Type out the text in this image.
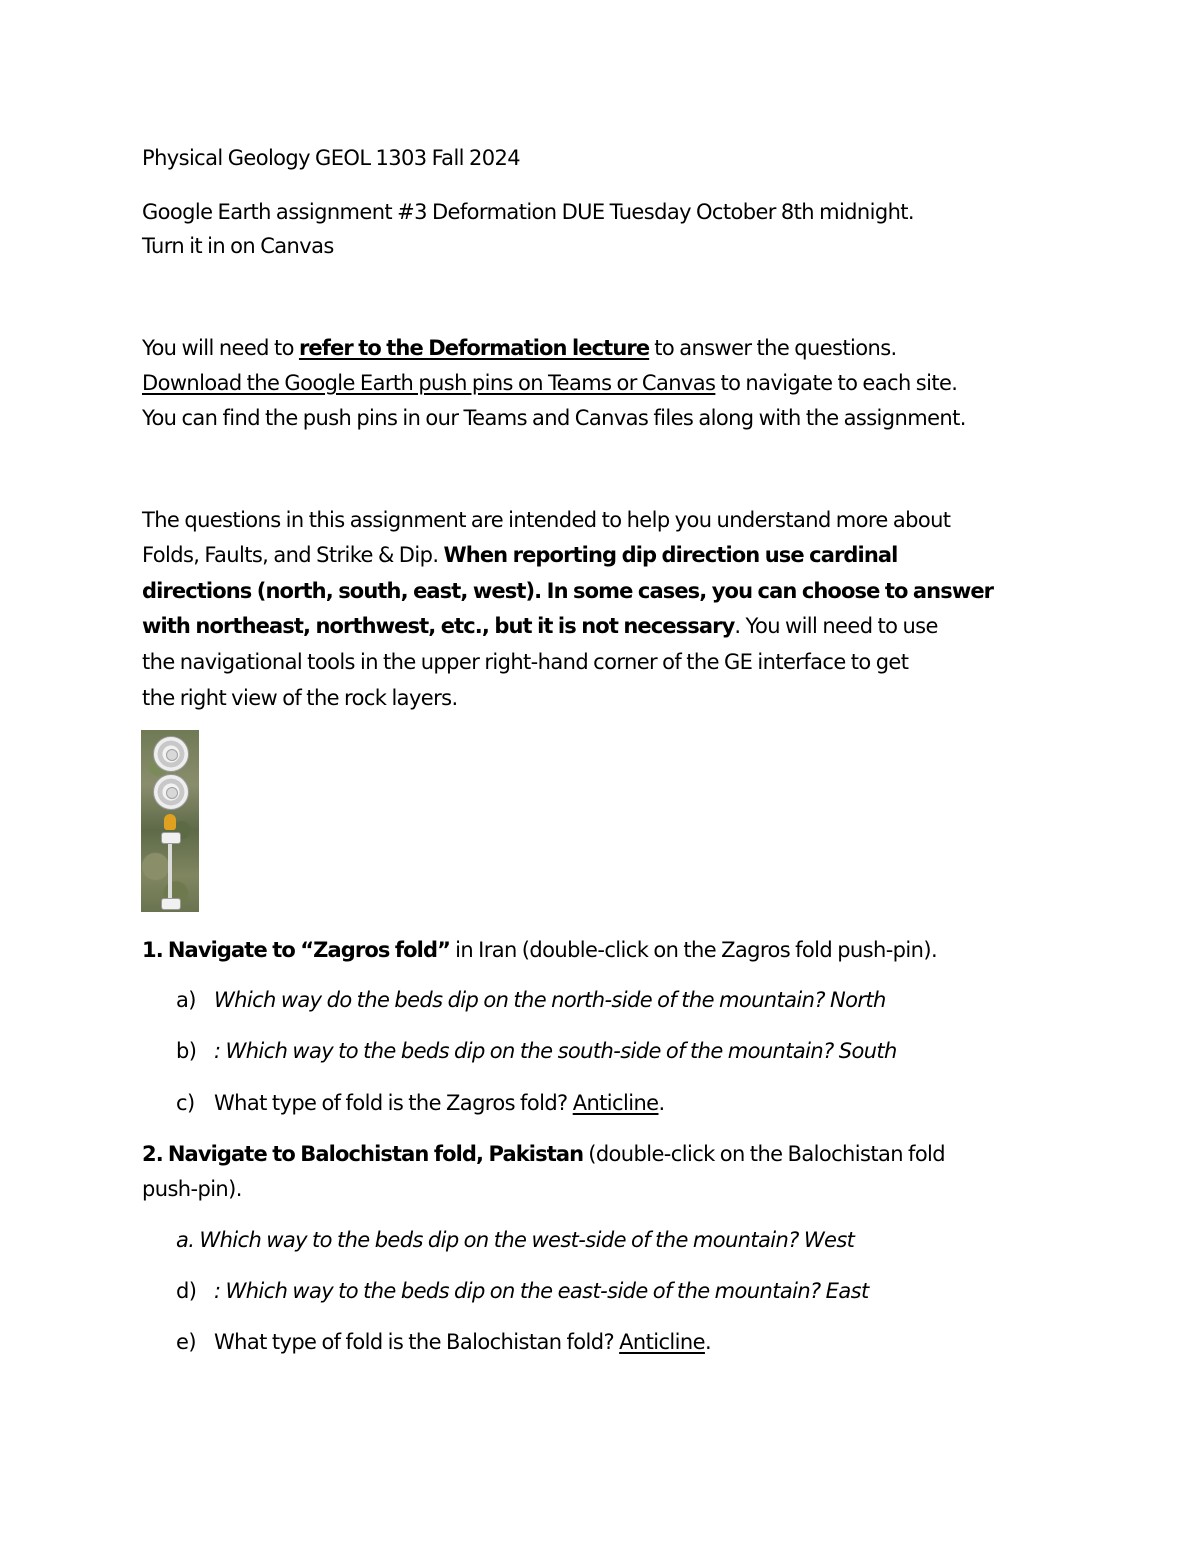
Physical Geology GEOL 1303 Fall 2024
Google Earth assignment #3 Deformation DUE Tuesday October 8th midnight.
Turn it in on Canvas
You will need to refer to the Deformation lecture to answer the questions.
Download the Google Earth push pins on Teams or Canvas to navigate to each site.
You can find the push pins in our Teams and Canvas files along with the assignment.
The questions in this assignment are intended to help you understand more about
Folds, Faults, and Strike & Dip. When reporting dip direction use cardinal
directions (north, south, east, west). In some cases, you can choose to answer
with northeast, northwest, etc., but it is not necessary. You will need to use
the navigational tools in the upper right-hand corner of the GE interface to get
the right view of the rock layers.
1. Navigate to “Zagros fold” in Iran (double-click on the Zagros fold push-pin).
a) Which way do the beds dip on the north-side of the mountain? North
b) : Which way to the beds dip on the south-side of the mountain? South
c) What type of fold is the Zagros fold? Anticline.
2. Navigate to Balochistan fold, Pakistan (double-click on the Balochistan fold
push-pin).
a. Which way to the beds dip on the west-side of the mountain? West
d) : Which way to the beds dip on the east-side of the mountain? East
e) What type of fold is the Balochistan fold? Anticline.
